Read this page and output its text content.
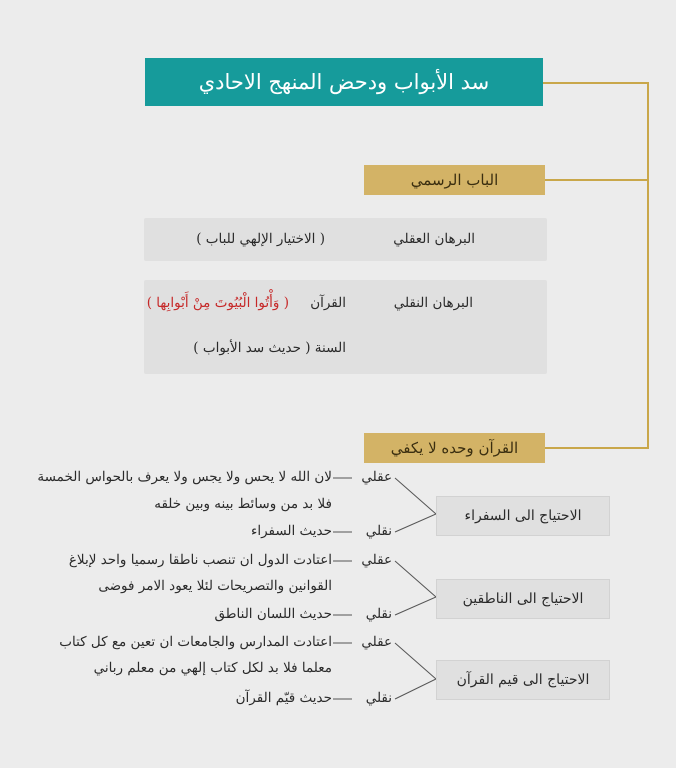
سد الأبواب ودحض المنهج الاحادي
الباب الرسمي
البرهان العقلي
( الاختيار الإلهي للباب )
البرهان النقلي
القرآن
( وَأْتُوا الْبُيُوتَ مِنْ أَبْوابِها )
السنة ( حديث سد الأبواب )
القرآن وحده لا يكفي
الاحتياج الى السفراء
عقلي
لان الله لا يحس ولا يجس ولا يعرف بالحواس الخمسة
فلا بد من وسائط بينه وبين خلقه
نقلي
حديث السفراء
الاحتياج الى الناطقين
عقلي
اعتادت الدول ان تنصب ناطقا رسميا واحد لإبلاغ
القوانين والتصريحات لئلا يعود الامر فوضى
نقلي
حديث اللسان الناطق
الاحتياج الى قيم القرآن
عقلي
اعتادت المدارس والجامعات ان تعين مع كل كتاب
معلما فلا بد لكل كتاب إلهي من معلم رباني
نقلي
حديث قيّم القرآن
